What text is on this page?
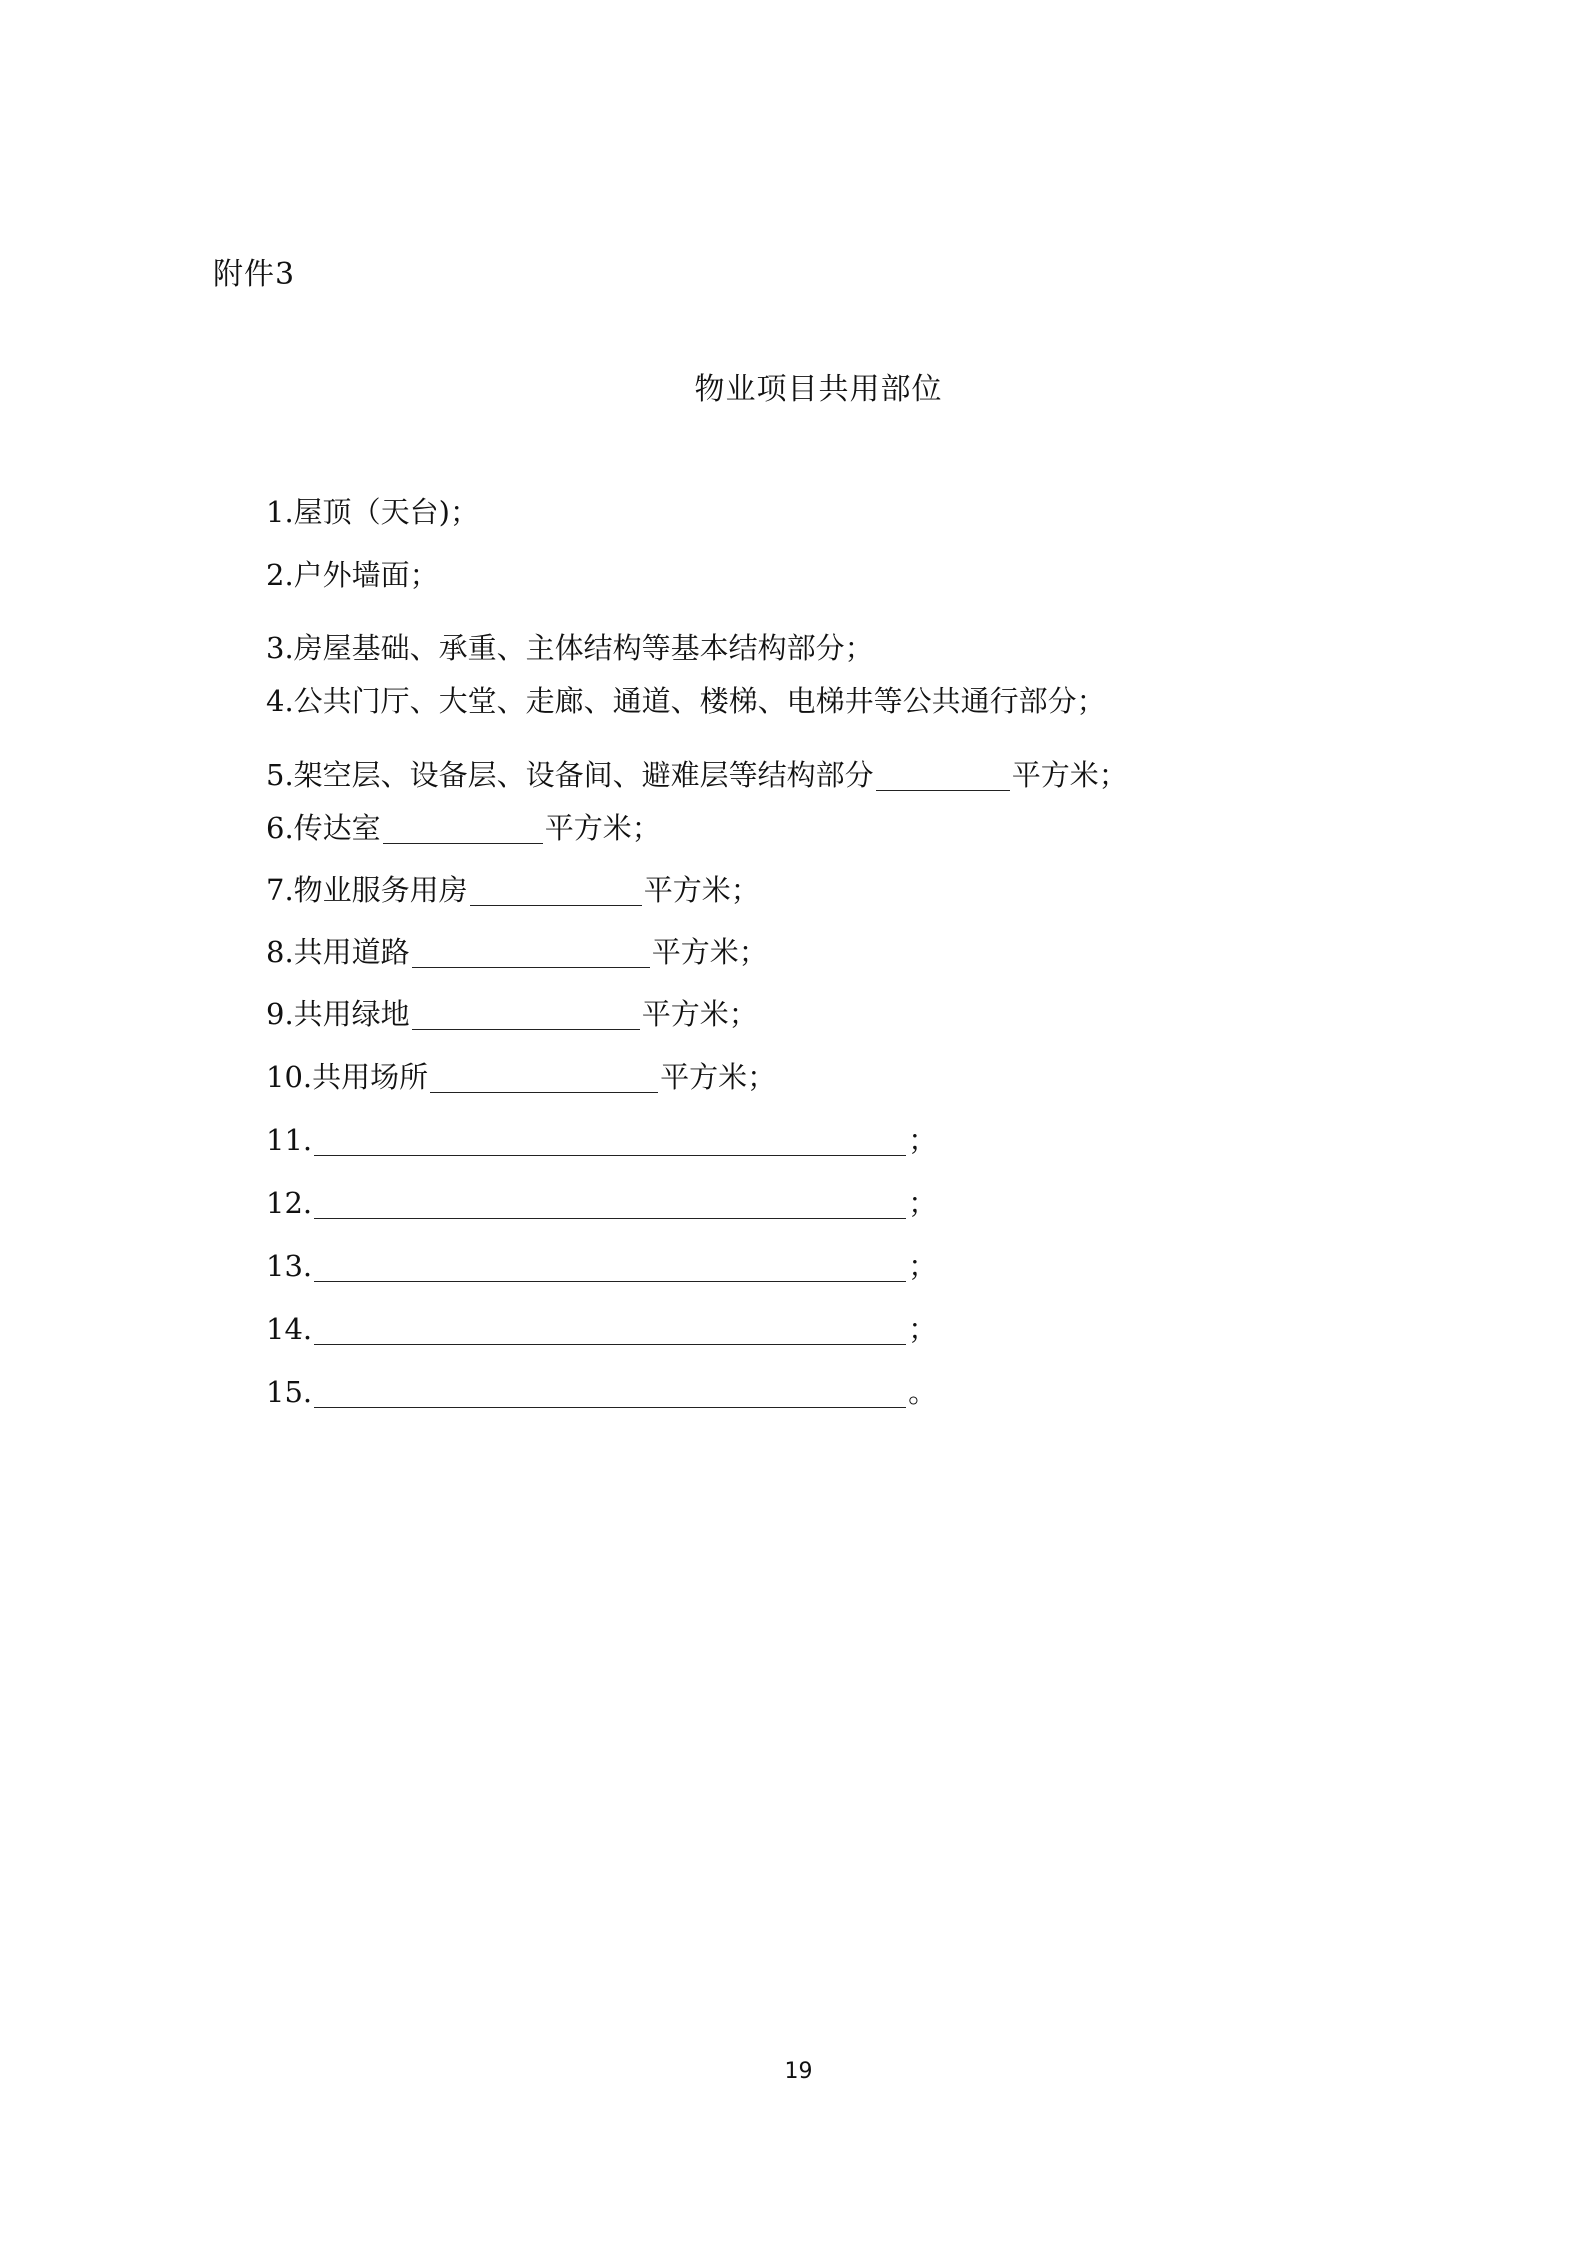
附件3
物业项目共用部位
1. 屋顶（天台)；
2. 户外墙面；
3. 房屋基础、承重、主体结构等基本结构部分；
4. 公共门厅、大堂、走廊、通道、楼梯、电梯井等公共通行部分；
5. 架空层、设备层、设备间、避难层等结构部分	平方米；
6. 传达室	平方米；
7. 物业服务用房	平方米；
8. 共用道路	平方米；
9. 共用绿地	平方米；
10. 共用场所	平方米；
11.	；
12.	；
13.	；
14.	；
15.	。
19
